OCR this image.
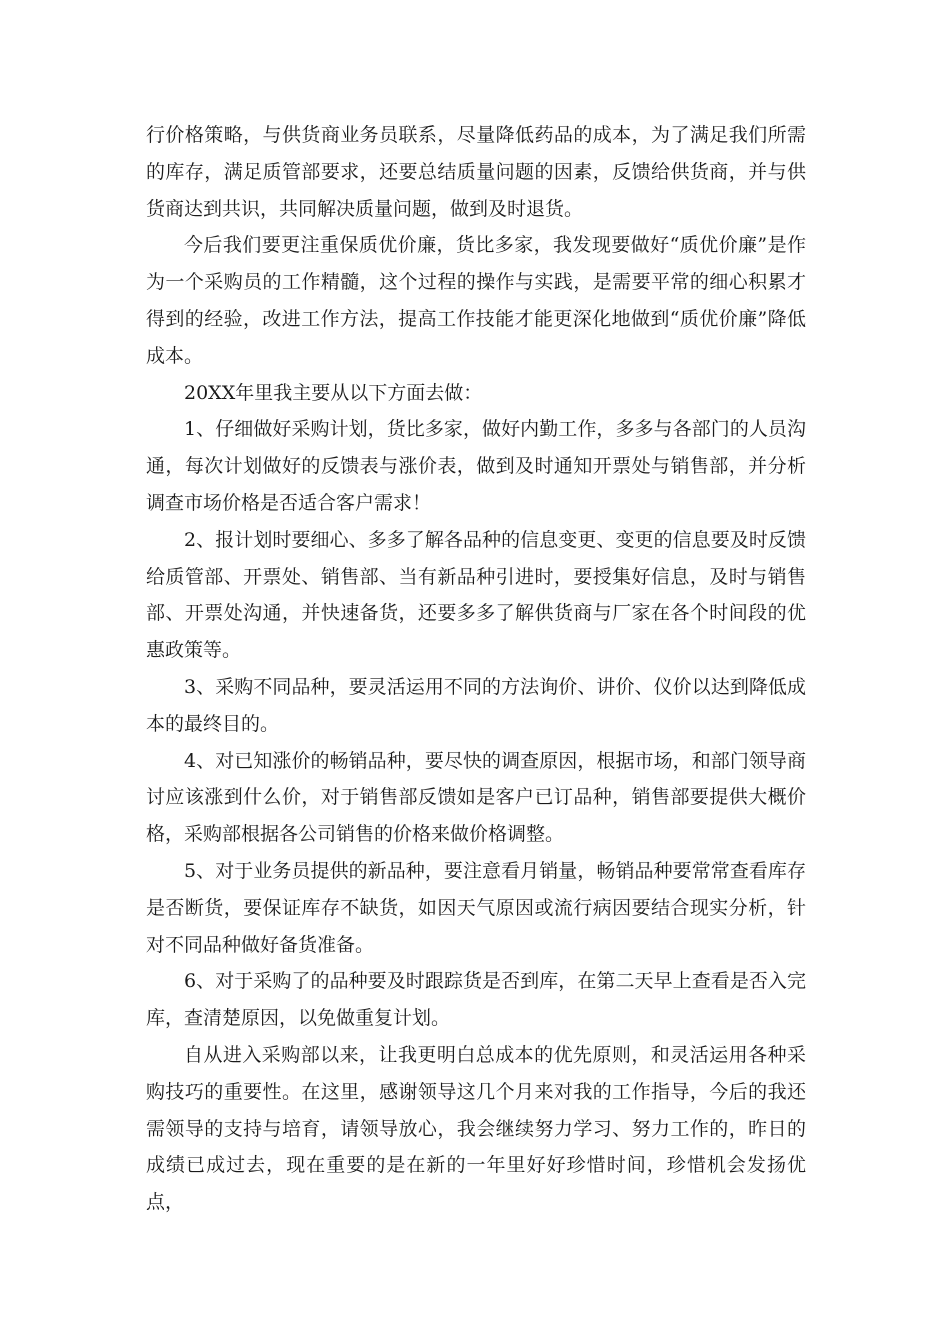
行价格策略，与供货商业务员联系，尽量降低药品的成本，为了满足我们所需的库存，满足质管部要求，还要总结质量问题的因素，反馈给供货商，并与供货商达到共识，共同解决质量问题，做到及时退货。

今后我们要更注重保质优价廉，货比多家，我发现要做好“质优价廉”是作为一个采购员的工作精髓，这个过程的操作与实践，是需要平常的细心积累才得到的经验，改进工作方法，提高工作技能才能更深化地做到“质优价廉”降低成本。

20XX年里我主要从以下方面去做：

1、仔细做好采购计划，货比多家，做好内勤工作，多多与各部门的人员沟通，每次计划做好的反馈表与涨价表，做到及时通知开票处与销售部，并分析调查市场价格是否适合客户需求！

2、报计划时要细心、多多了解各品种的信息变更、变更的信息要及时反馈给质管部、开票处、销售部、当有新品种引进时，要授集好信息，及时与销售部、开票处沟通，并快速备货，还要多多了解供货商与厂家在各个时间段的优惠政策等。

3、采购不同品种，要灵活运用不同的方法询价、讲价、仪价以达到降低成本的最终目的。

4、对已知涨价的畅销品种，要尽快的调查原因，根据市场，和部门领导商讨应该涨到什么价，对于销售部反馈如是客户已订品种，销售部要提供大概价格，采购部根据各公司销售的价格来做价格调整。

5、对于业务员提供的新品种，要注意看月销量，畅销品种要常常查看库存是否断货，要保证库存不缺货，如因天气原因或流行病因要结合现实分析，针对不同品种做好备货准备。

6、对于采购了的品种要及时跟踪货是否到库，在第二天早上查看是否入完库，查清楚原因，以免做重复计划。

自从进入采购部以来，让我更明白总成本的优先原则，和灵活运用各种采购技巧的重要性。在这里，感谢领导这几个月来对我的工作指导，今后的我还需领导的支持与培育，请领导放心，我会继续努力学习、努力工作的，昨日的成绩已成过去，现在重要的是在新的一年里好好珍惜时间，珍惜机会发扬优点，
